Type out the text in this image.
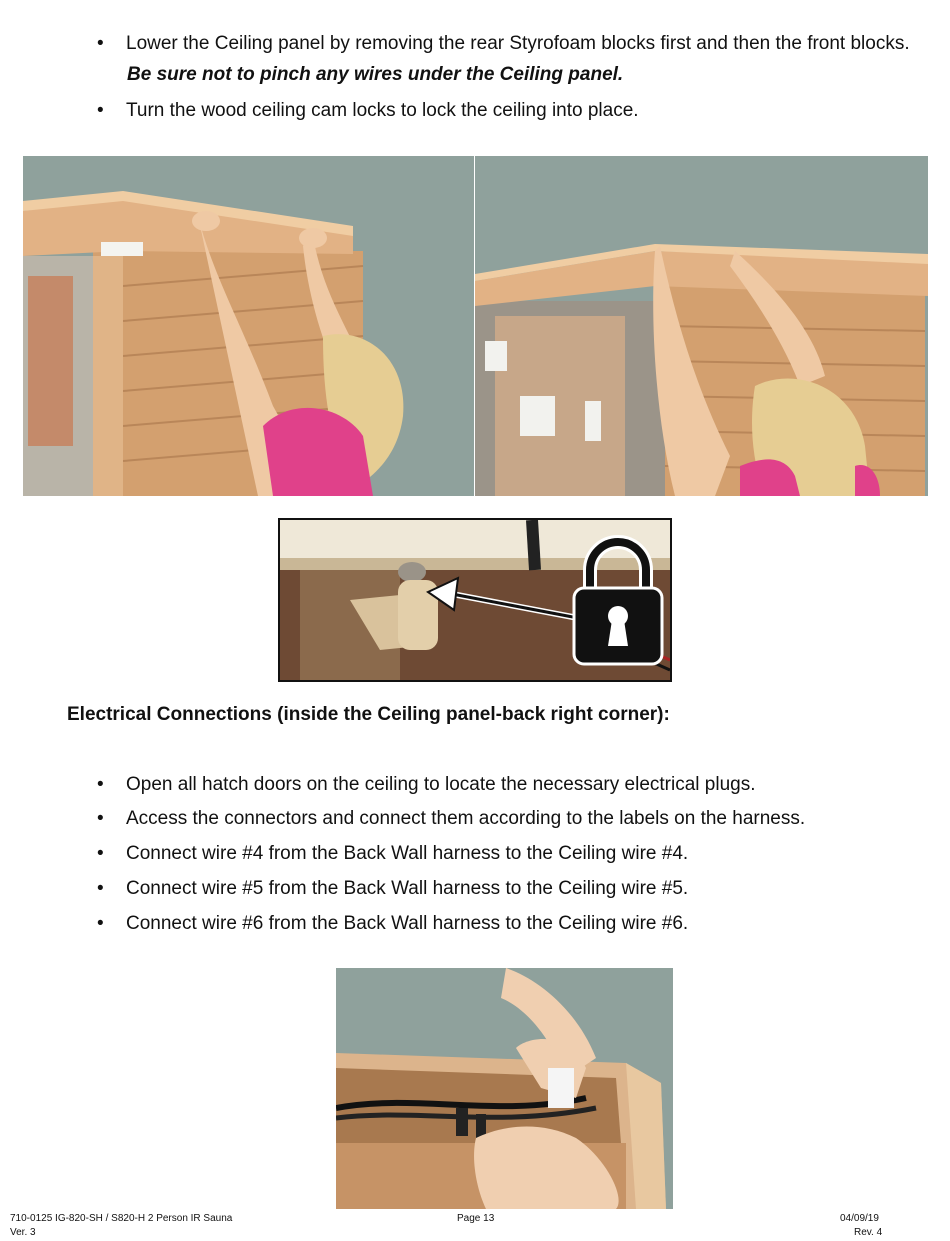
•	Lower the Ceiling panel by removing the rear Styrofoam blocks first and then the front blocks.
Be sure not to pinch any wires under the Ceiling panel.
•	Turn the wood ceiling cam locks to lock the ceiling into place.
Electrical Connections (inside the Ceiling panel-back right corner):
•	Open all hatch doors on the ceiling to locate the necessary electrical plugs.
•	Access the connectors and connect them according to the labels on the harness.
•	Connect wire #4 from the Back Wall harness to the Ceiling wire #4.
•	Connect wire #5 from the Back Wall harness to the Ceiling wire #5.
•	Connect wire #6 from the Back Wall harness to the Ceiling wire #6.
710-0125 IG-820-SH / S820-H 2 Person IR Sauna
Ver. 3
Page 13	04/09/19
Rev. 4
